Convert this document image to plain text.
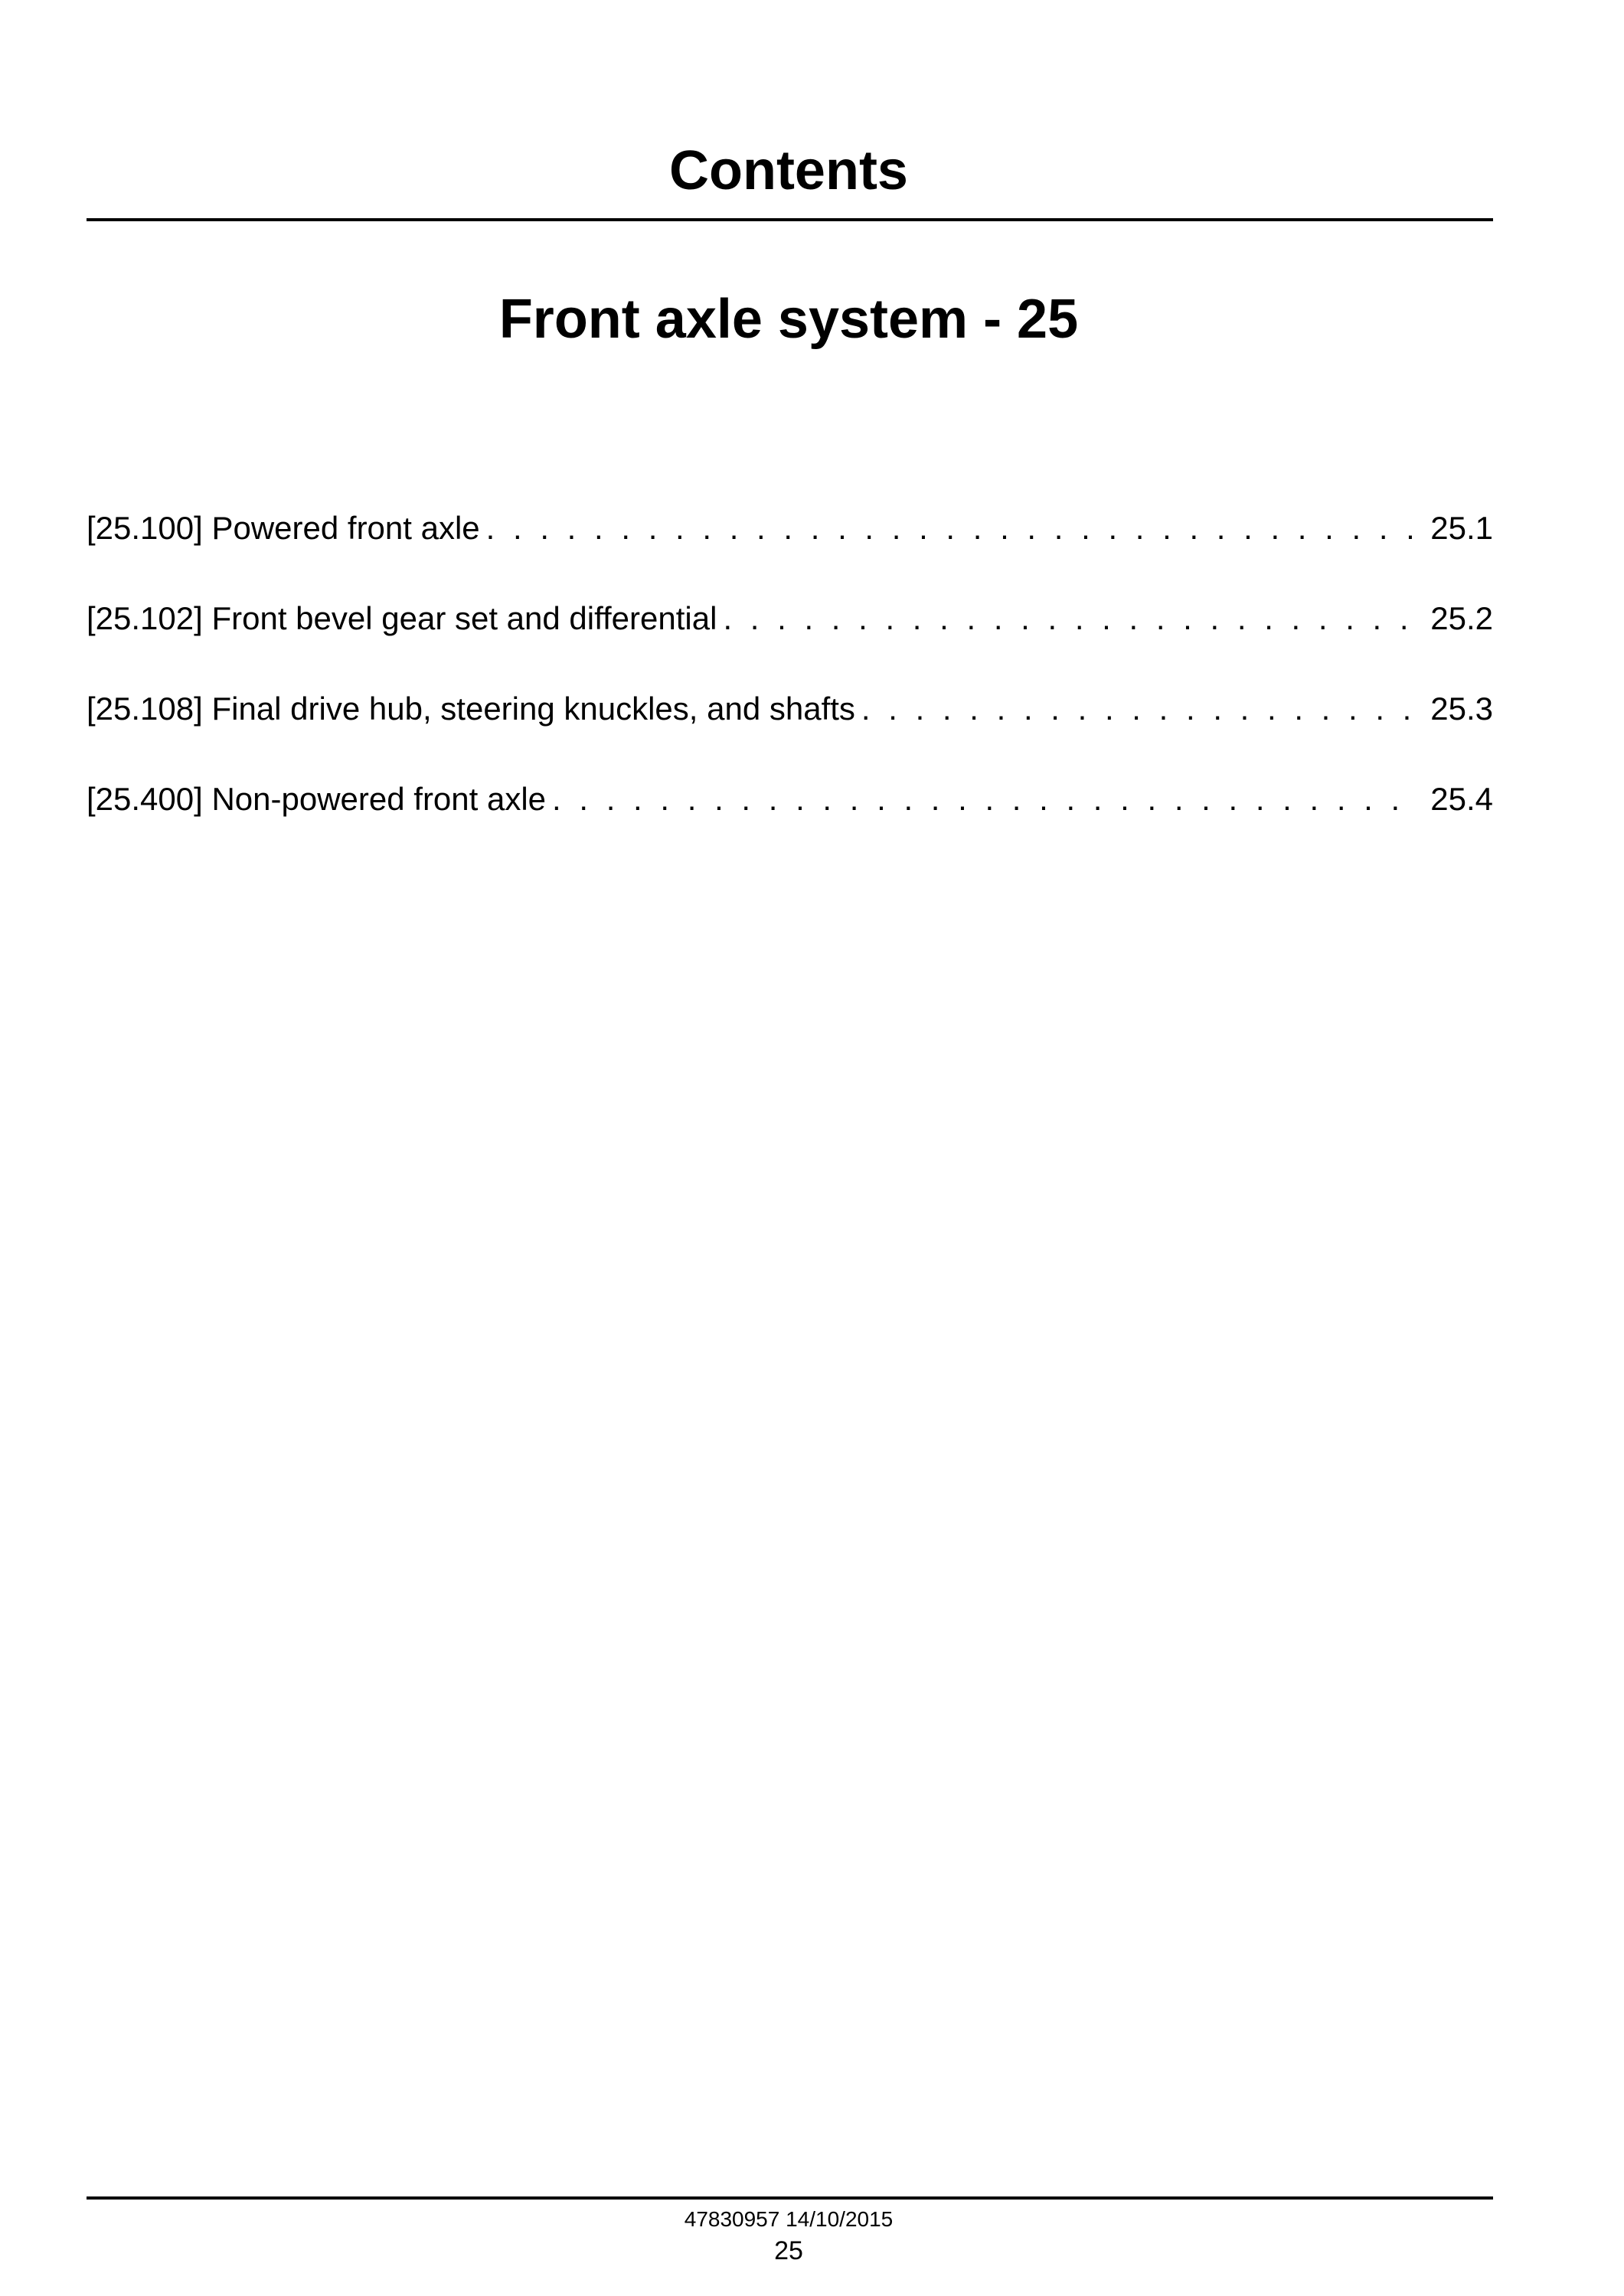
Contents
Front axle system - 25
[25.100] Powered front axle . . .	25.1
[25.102] Front bevel gear set and differential . . .	25.2
[25.108] Final drive hub, steering knuckles, and shafts . . .	25.3
[25.400] Non-powered front axle . . .	25.4
47830957 14/10/2015
25
